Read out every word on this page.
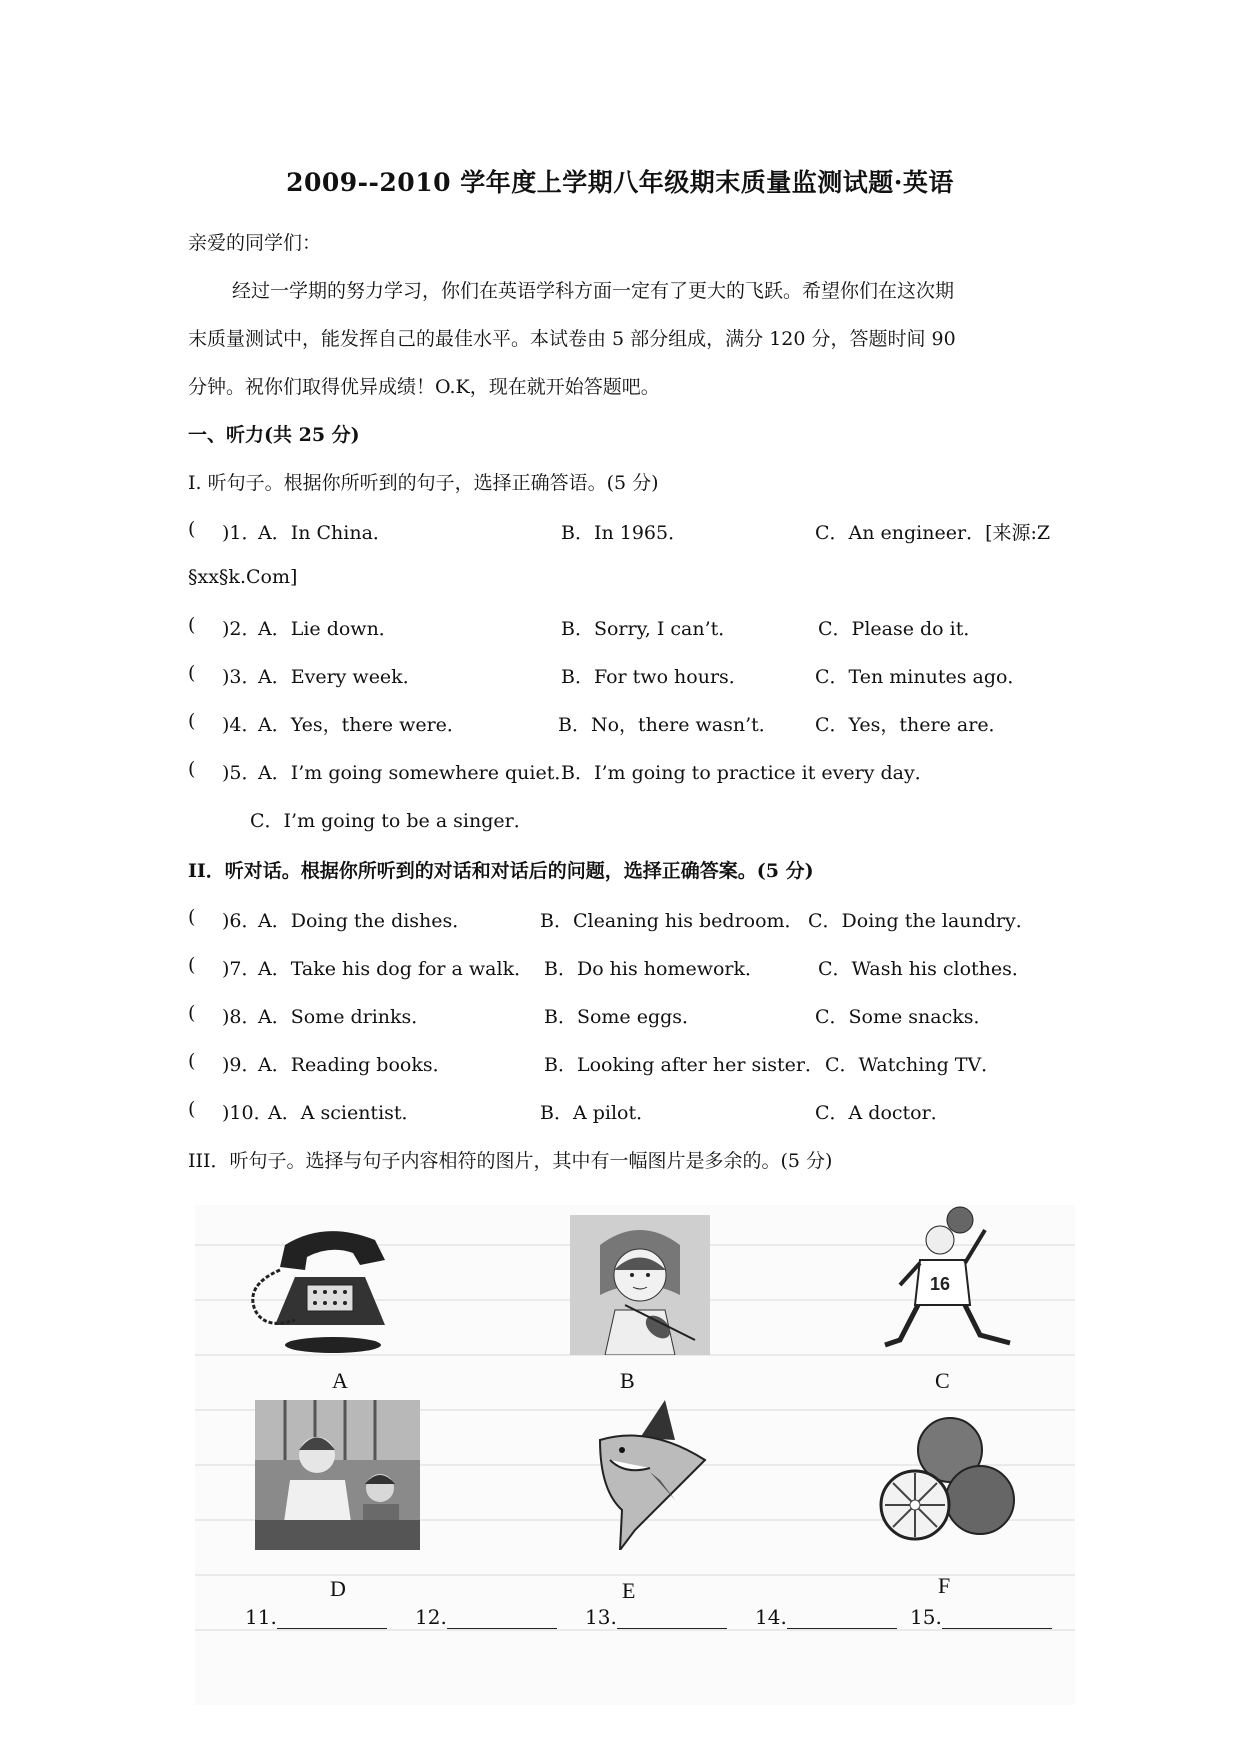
2009--2010 学年度上学期八年级期末质量监测试题·英语
亲爱的同学们：
经过一学期的努力学习，你们在英语学科方面一定有了更大的飞跃。希望你们在这次期
末质量测试中，能发挥自己的最佳水平。本试卷由 5 部分组成，满分 120 分，答题时间 90
分钟。祝你们取得优异成绩！O.K，现在就开始答题吧。
一、听力(共 25 分)
I. 听句子。根据你所听到的句子，选择正确答语。(5 分)
( )1．
A．In China．	B．In 1965．	C．An engineer．[来源:Z
§xx§k.Com]
( )2．
A．Lie down．	B．Sorry, I can’t．	C．Please do it．
( )3．
A．Every week．	B．For two hours．	C．Ten minutes ago．
( )4．
A．Yes，there were．	B．No，there wasn’t． C．Yes，there are．
( )5．
A．I’m going somewhere quiet．
B．I’m going to practice it every day．
C．I’m going to be a singer．
II．听对话。根据你所听到的对话和对话后的问题，选择正确答案。(5 分)
( )6．
A．Doing the dishes．	B．Cleaning his bedroom． C．Doing the laundry．
( )7．
A．Take his dog for a walk． B．Do his homework．	C．Wash his clothes．
( )8．
A．Some drinks．	B．Some eggs．	C．Some snacks．
( )9．
A．Reading books．	B．Looking after her sister． C．Watching TV．
( )10．
A．A scientist．	B．A pilot．	C．A doctor．
III．听句子。选择与句子内容相符的图片，其中有一幅图片是多余的。(5 分)
A	B
16
C
D	E	F
11.	12.	13.	14.	15.
